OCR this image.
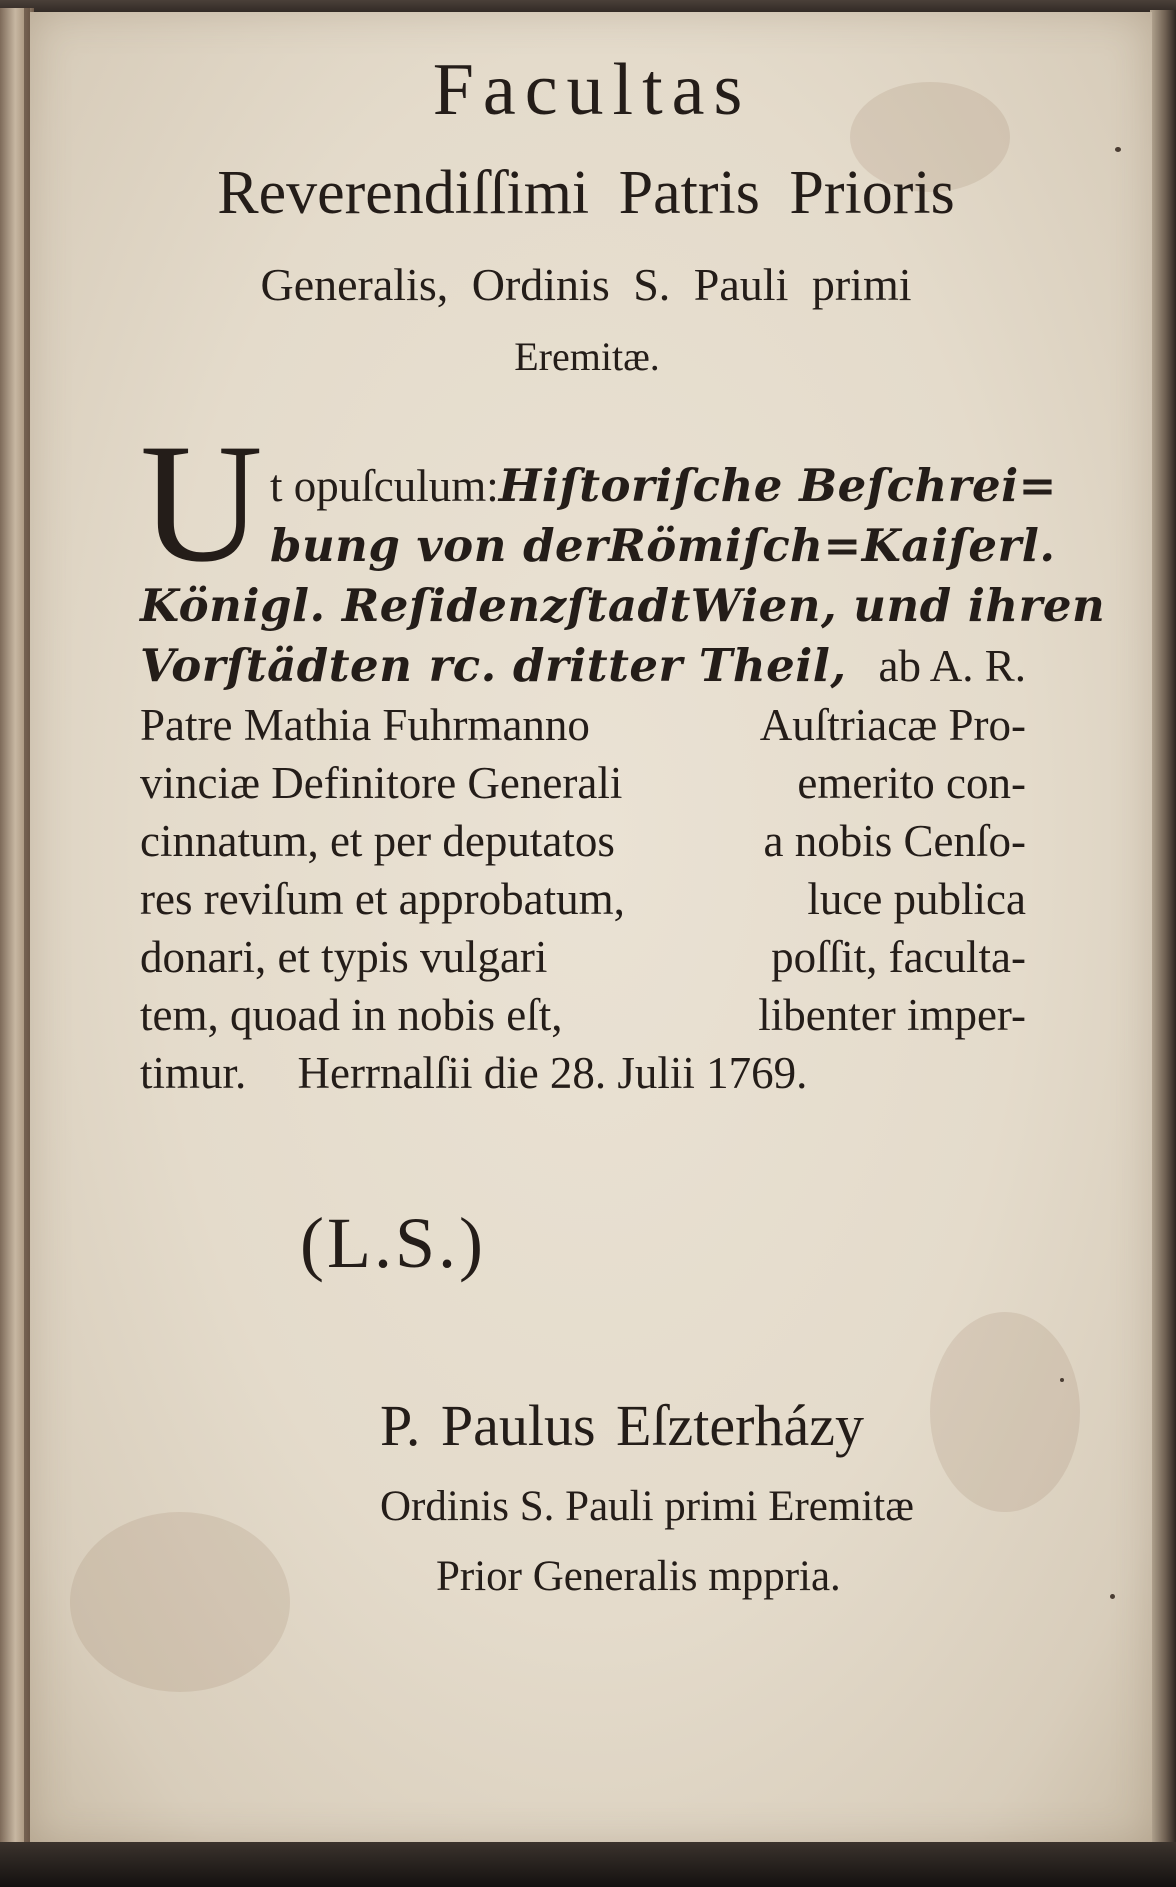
Facultas
Reverendiſſimi Patris Prioris
Generalis, Ordinis S. Pauli primi
Eremitæ.
U t opuſculum: Hiſtoriſche Beſchrei=
bung von der Römiſch=Kaiſerl.
Königl. Reſidenzſtadt Wien, und ihren
Vorſtädten rc. dritter Theil, ab A. R.
Patre Mathia Fuhrmanno	Auſtriacæ Pro-
vinciæ Definitore Generali	emerito con-
cinnatum, et per deputatos	a nobis Cenſo-
res reviſum et approbatum,	luce publica
donari, et typis vulgari	poſſit, faculta-
tem, quoad in nobis eſt,	libenter imper-
timur. Herrnalſii die 28. Julii 1769.
(L.S.)
P. Paulus Eſzterházy
Ordinis S. Pauli primi Eremitæ
Prior Generalis mppria.
